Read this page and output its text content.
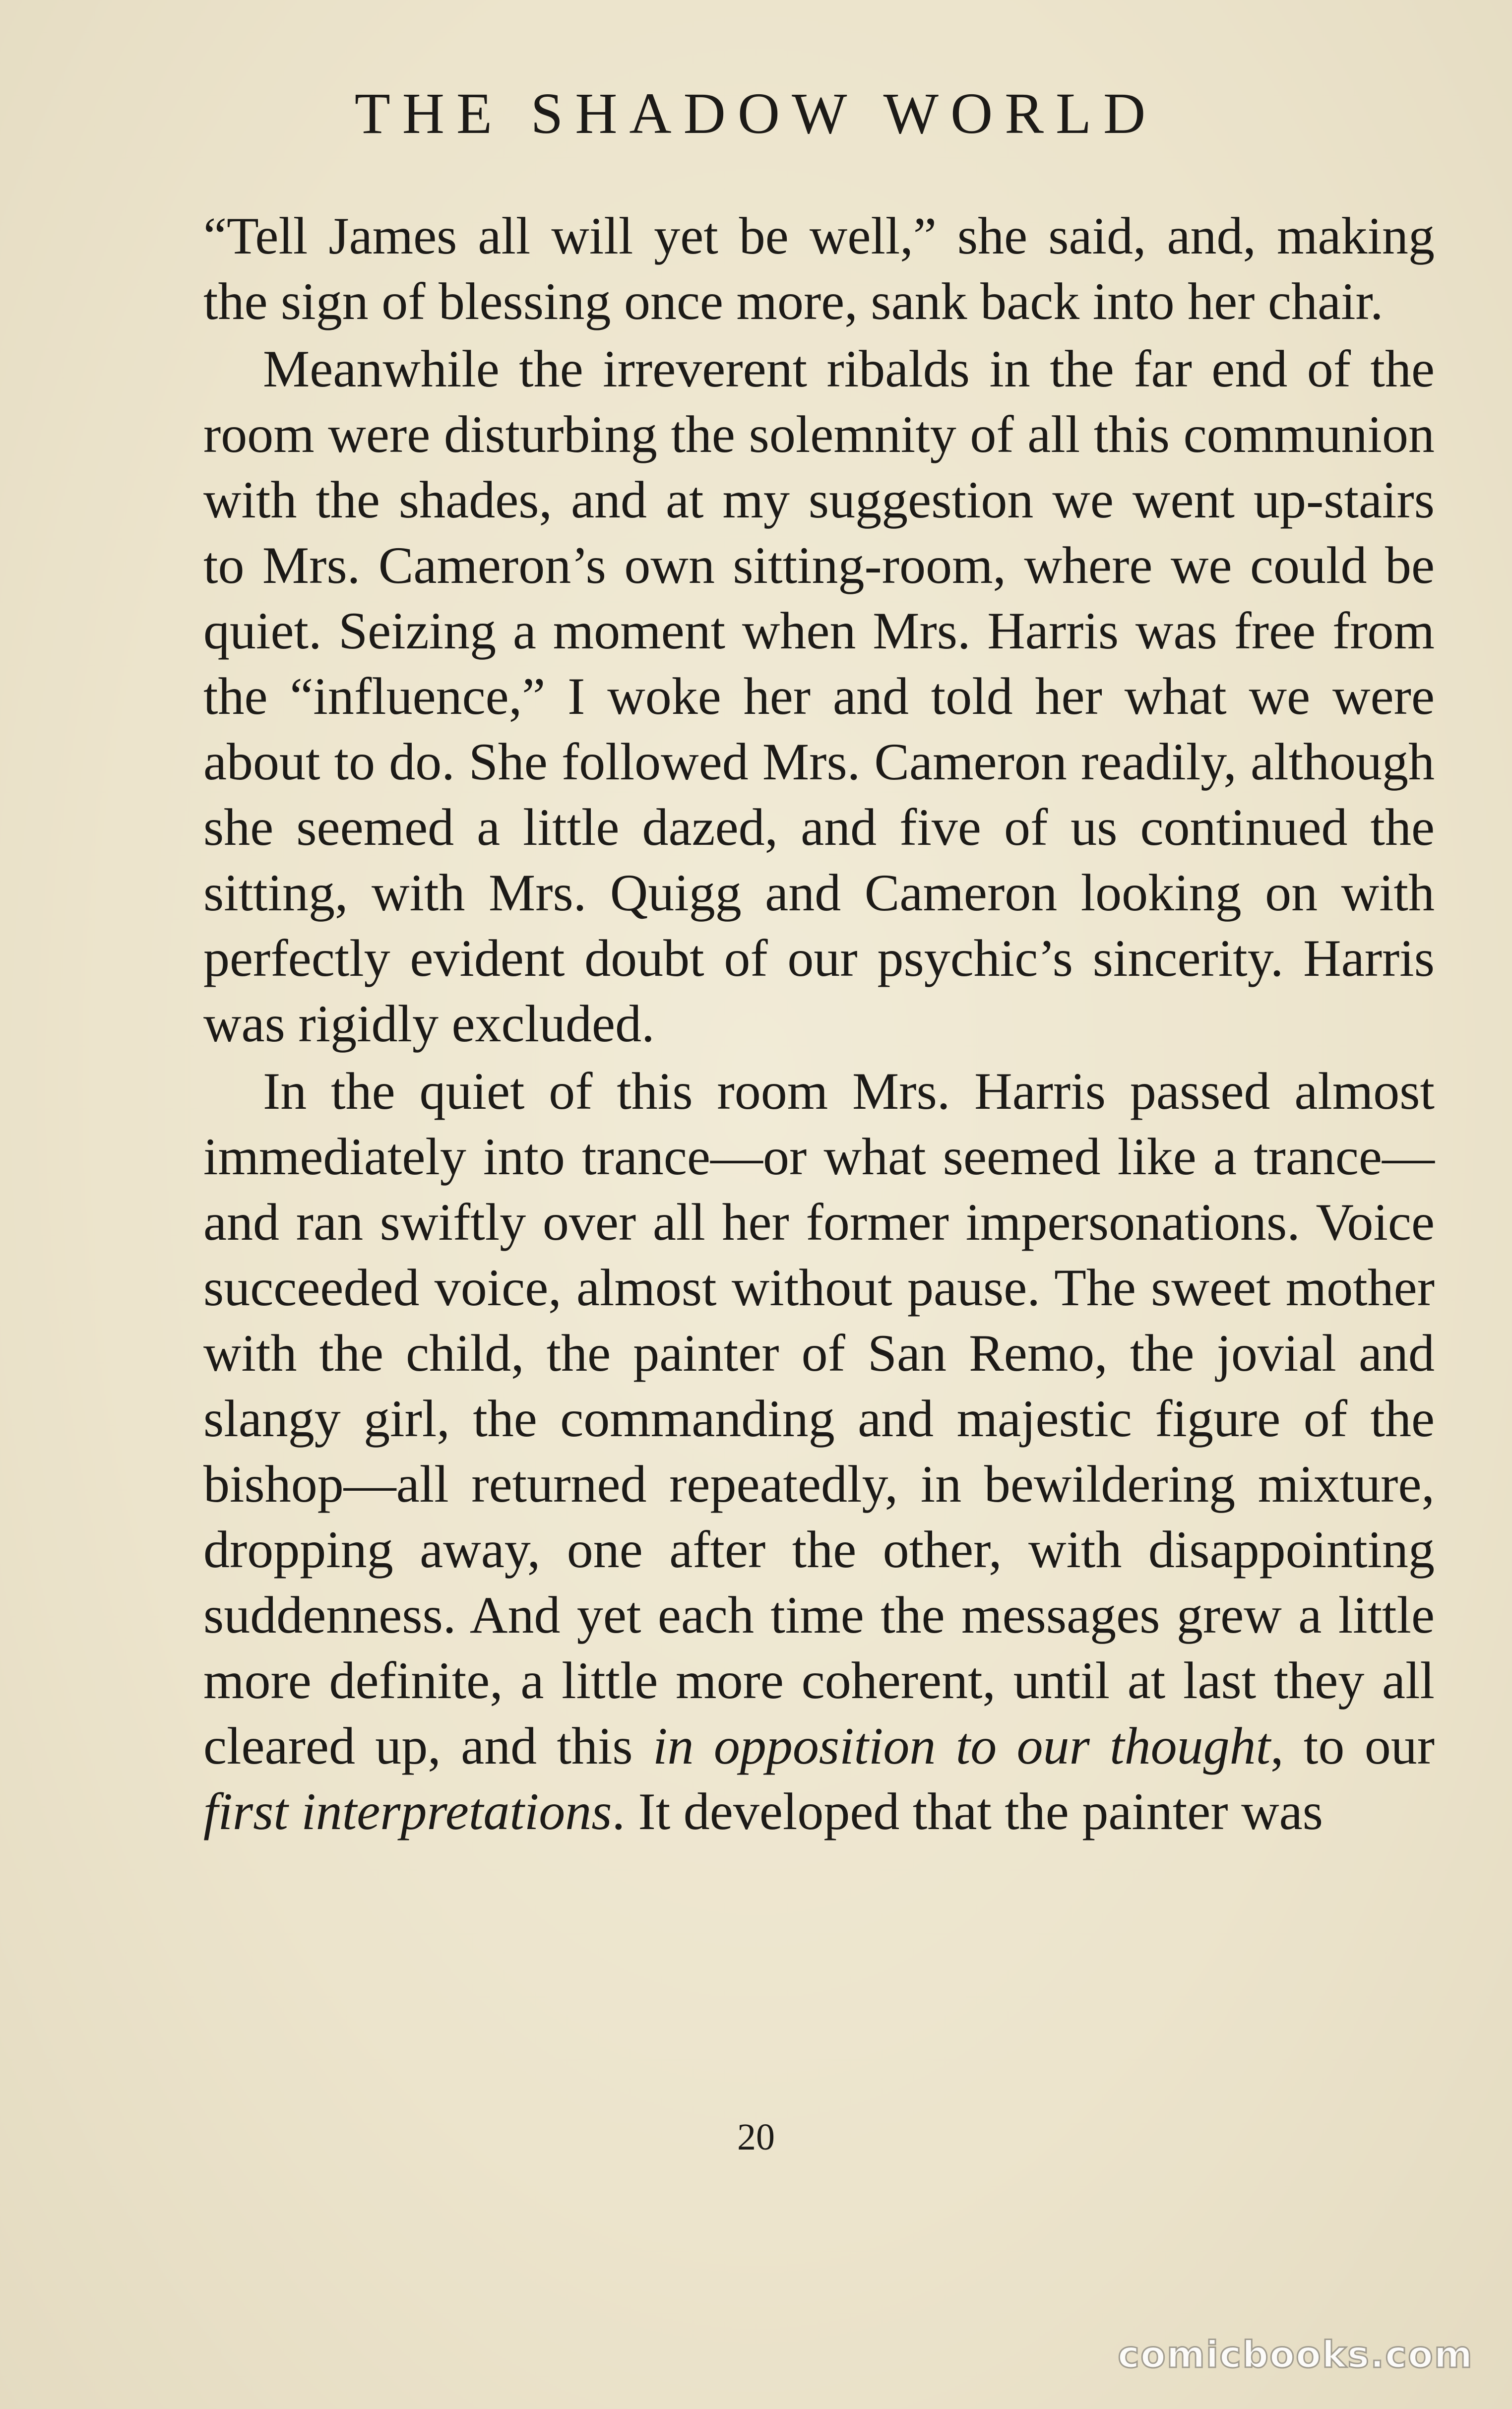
THE SHADOW WORLD

“Tell James all will yet be well,” she said, and, making the sign of blessing once more, sank back into her chair.

Meanwhile the irreverent ribalds in the far end of the room were disturbing the solemnity of all this communion with the shades, and at my suggestion we went up-stairs to Mrs. Cameron’s own sitting-room, where we could be quiet. Seizing a moment when Mrs. Harris was free from the “influence,” I woke her and told her what we were about to do. She followed Mrs. Cameron readily, although she seemed a little dazed, and five of us continued the sitting, with Mrs. Quigg and Cameron looking on with perfectly evident doubt of our psychic’s sincerity. Harris was rigidly excluded.

In the quiet of this room Mrs. Harris passed almost immediately into trance—or what seemed like a trance—and ran swiftly over all her former impersonations. Voice succeeded voice, almost without pause. The sweet mother with the child, the painter of San Remo, the jovial and slangy girl, the commanding and majestic figure of the bishop—all returned repeatedly, in bewildering mixture, dropping away, one after the other, with disappointing suddenness. And yet each time the messages grew a little more definite, a little more coherent, until at last they all cleared up, and this in opposition to our thought, to our first interpretations. It developed that the painter was

20
comicbooks.com
